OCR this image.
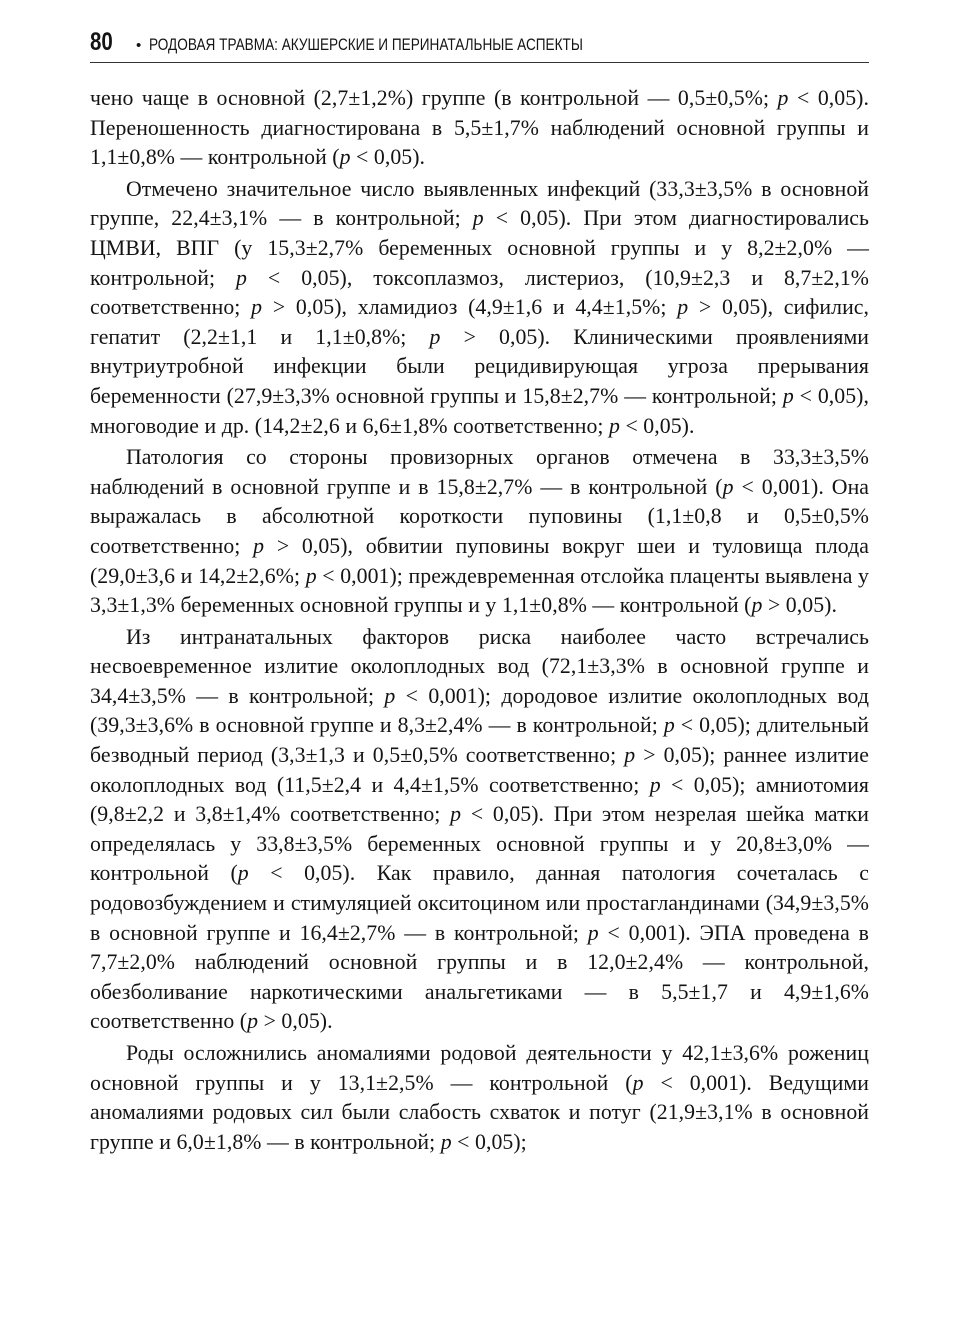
80	• РОДОВАЯ ТРАВМА: АКУШЕРСКИЕ И ПЕРИНАТАЛЬНЫЕ АСПЕКТЫ

чено чаще в основной (2,7±1,2%) группе (в контрольной — 0,5±0,5%; p < 0,05). Переношенность диагностирована в 5,5±1,7% наблюдений основной группы и 1,1±0,8% — контрольной (p < 0,05).

Отмечено значительное число выявленных инфекций (33,3±3,5% в основной группе, 22,4±3,1% — в контрольной; p < 0,05). При этом диагностировались ЦМВИ, ВПГ (у 15,3±2,7% беременных основной группы и у 8,2±2,0% — контрольной; p < 0,05), токсоплазмоз, листериоз, (10,9±2,3 и 8,7±2,1% соответственно; p > 0,05), хламидиоз (4,9±1,6 и 4,4±1,5%; p > 0,05), сифилис, гепатит (2,2±1,1 и 1,1±0,8%; p > 0,05). Клиническими проявлениями внутриутробной инфекции были рецидивирующая угроза прерывания беременности (27,9±3,3% основной группы и 15,8±2,7% — контрольной; p < 0,05), многоводие и др. (14,2±2,6 и 6,6±1,8% соответственно; p < 0,05).

Патология со стороны провизорных органов отмечена в 33,3±3,5% наблюдений в основной группе и в 15,8±2,7% — в контрольной (p < 0,001). Она выражалась в абсолютной короткости пуповины (1,1±0,8 и 0,5±0,5% соответственно; p > 0,05), обвитии пуповины вокруг шеи и туловища плода (29,0±3,6 и 14,2±2,6%; p < 0,001); преждевременная отслойка плаценты выявлена у 3,3±1,3% беременных основной группы и у 1,1±0,8% — контрольной (p > 0,05).

Из интранатальных факторов риска наиболее часто встречались несвоевременное излитие околоплодных вод (72,1±3,3% в основной группе и 34,4±3,5% — в контрольной; p < 0,001); дородовое излитие околоплодных вод (39,3±3,6% в основной группе и 8,3±2,4% — в контрольной; p < 0,05); длительный безводный период (3,3±1,3 и 0,5±0,5% соответственно; p > 0,05); раннее излитие околоплодных вод (11,5±2,4 и 4,4±1,5% соответственно; p < 0,05); амниотомия (9,8±2,2 и 3,8±1,4% соответственно; p < 0,05). При этом незрелая шейка матки определялась у 33,8±3,5% беременных основной группы и у 20,8±3,0% — контрольной (p < 0,05). Как правило, данная патология сочеталась с родовозбуждением и стимуляцией окситоцином или простагландинами (34,9±3,5% в основной группе и 16,4±2,7% — в контрольной; p < 0,001). ЭПА проведена в 7,7±2,0% наблюдений основной группы и в 12,0±2,4% — контрольной, обезболивание наркотическими анальгетиками — в 5,5±1,7 и 4,9±1,6% соответственно (p > 0,05).

Роды осложнились аномалиями родовой деятельности у 42,1±3,6% рожениц основной группы и у 13,1±2,5% — контрольной (p < 0,001). Ведущими аномалиями родовых сил были слабость схваток и потуг (21,9±3,1% в основной группе и 6,0±1,8% — в контрольной; p < 0,05);
